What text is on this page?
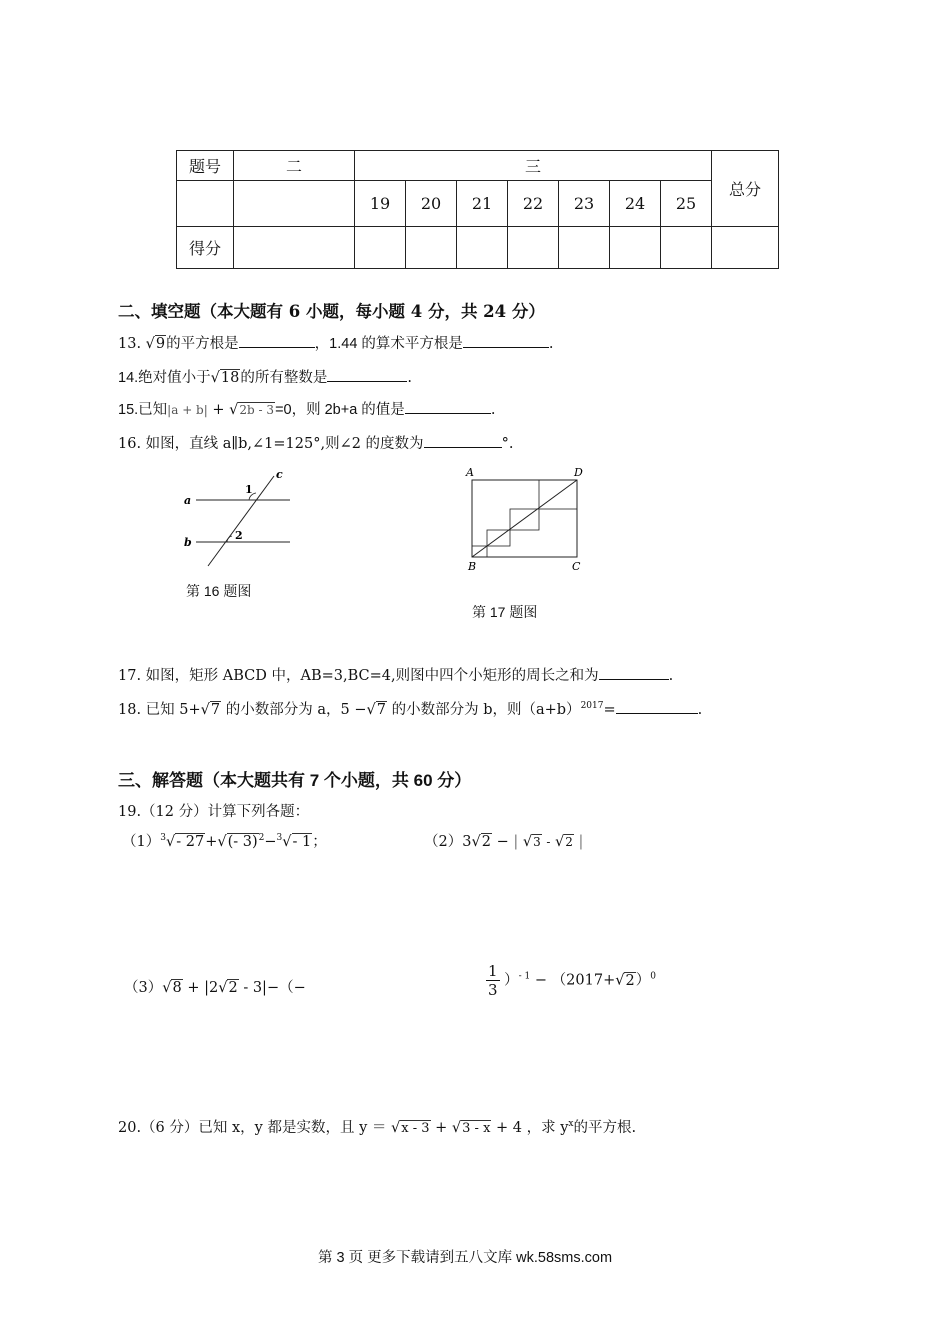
题号	二	三							总分
		19	20	21	22	23	24	25	
得分									
二、填空题（本大题有 6 小题，每小题 4 分，共 24 分）
13. √9的平方根是	，1.44 的算术平方根是	.
14.绝对值小于√18的所有整数是	.
15.已知|a + b| + √2b - 3=0，则 2b+a 的值是	.
16. 如图，直线 a∥b,∠1=125°,则∠2 的度数为	°.
c
a
b
1
2
第 16 题图
A	D
B	C
第 17 题图
17. 如图，矩形 ABCD 中，AB=3,BC=4,则图中四个小矩形的周长之和为	.
18. 已知 5+√7 的小数部分为 a，5 −√7 的小数部分为 b，则$(a+b)^{2017}=$	.
三、解答题（本大题共有 7 个小题，共 60 分）
19.（12 分）计算下列各题：
$(1)^3√-$ 27+√(- 3)$^2$−$^3$√- 1；	（2）3√2 − | √3 - √2 |
（3）√8 + |2√2 - 3|−（−	$\frac{1}{3} )^{- 1} - (2017+√2)^0$
20.（6 分）已知 x，y 都是实数，且 y ＝ √x - 3 + √3 - x + 4 ，求 $y^x$的平方根.
第 3 页 更多下载请到五八文库 wk.58sms.com
